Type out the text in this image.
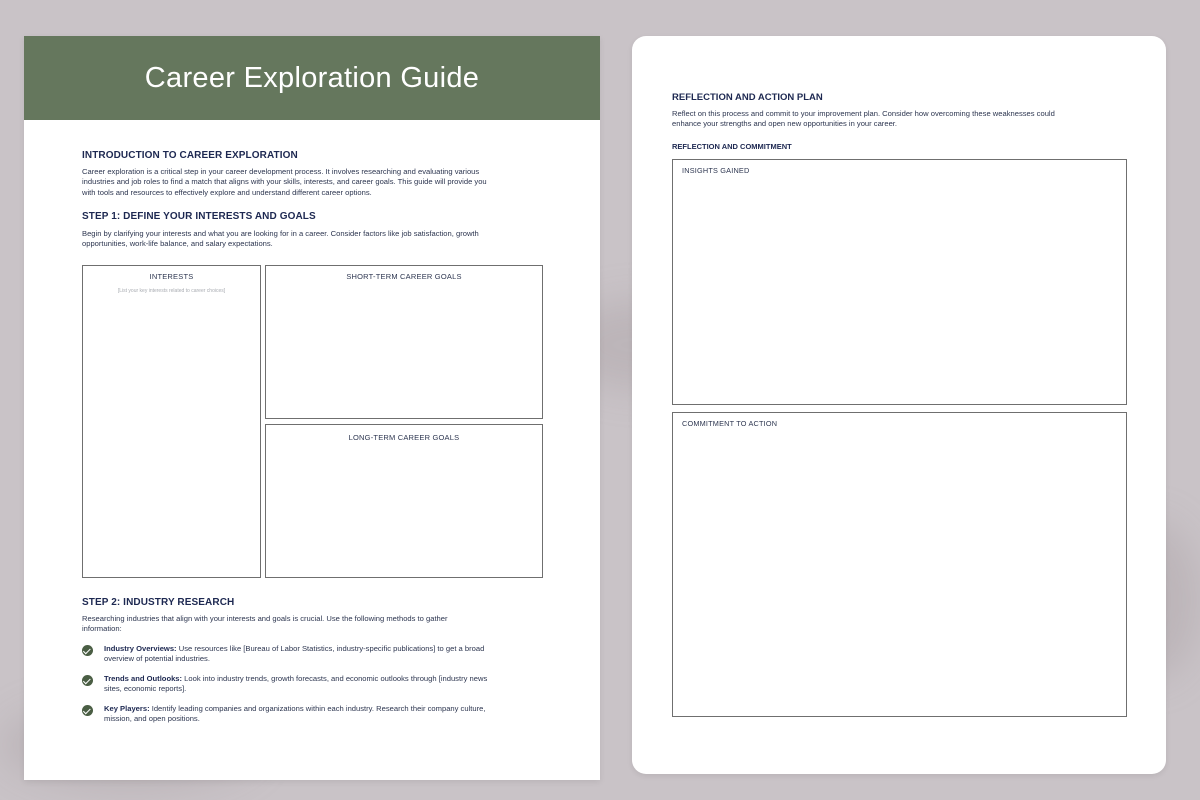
Career Exploration Guide
INTRODUCTION TO CAREER EXPLORATION
Career exploration is a critical step in your career development process. It involves researching and evaluating various
industries and job roles to find a match that aligns with your skills, interests, and career goals. This guide will provide you
with tools and resources to effectively explore and understand different career options.
STEP 1: DEFINE YOUR INTERESTS AND GOALS
Begin by clarifying your interests and what you are looking for in a career. Consider factors like job satisfaction, growth
opportunities, work-life balance, and salary expectations.
INTERESTS
[List your key interests related to career choices]
SHORT-TERM CAREER GOALS
LONG-TERM CAREER GOALS
STEP 2: INDUSTRY RESEARCH
Researching industries that align with your interests and goals is crucial. Use the following methods to gather
information:
Industry Overviews: Use resources like [Bureau of Labor Statistics, industry-specific publications] to get a broad
overview of potential industries.
Trends and Outlooks: Look into industry trends, growth forecasts, and economic outlooks through [industry news
sites, economic reports].
Key Players: Identify leading companies and organizations within each industry. Research their company culture,
mission, and open positions.
REFLECTION AND ACTION PLAN
Reflect on this process and commit to your improvement plan. Consider how overcoming these weaknesses could
enhance your strengths and open new opportunities in your career.
REFLECTION AND COMMITMENT
INSIGHTS GAINED
COMMITMENT TO ACTION
